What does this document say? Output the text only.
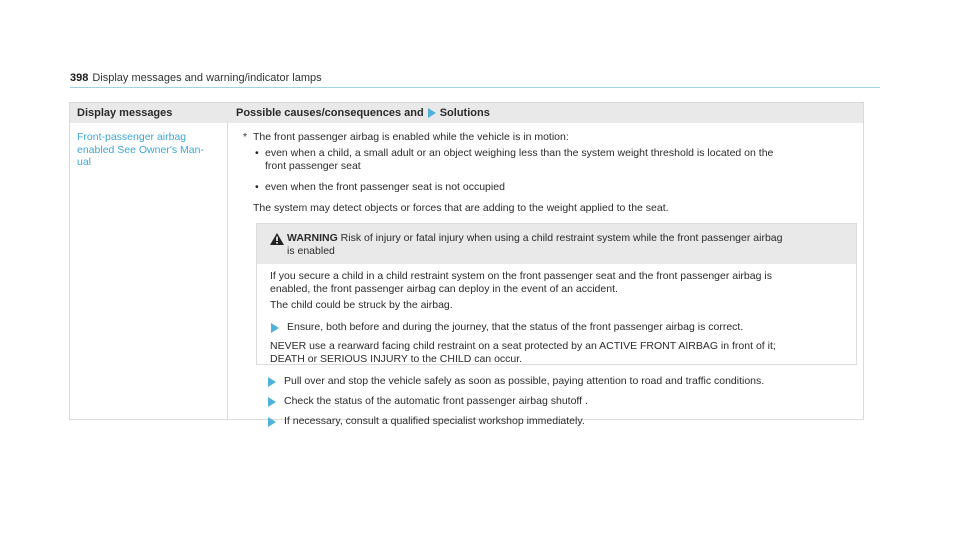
398 Display messages and warning/indicator lamps
Display messages	Possible causes/consequences and Solutions
Front-passenger airbag
enabled See Owner's Man-
ual
* The front passenger airbag is enabled while the vehicle is in motion:
• even when a child, a small adult or an object weighing less than the system weight threshold is located on the
front passenger seat
• even when the front passenger seat is not occupied
The system may detect objects or forces that are adding to the weight applied to the seat.
WARNING Risk of injury or fatal injury when using a child restraint system while the front passenger airbag
is enabled
If you secure a child in a child restraint system on the front passenger seat and the front passenger airbag is
enabled, the front passenger airbag can deploy in the event of an accident.
The child could be struck by the airbag.
Ensure, both before and during the journey, that the status of the front passenger airbag is correct.
NEVER use a rearward facing child restraint on a seat protected by an ACTIVE FRONT AIRBAG in front of it;
DEATH or SERIOUS INJURY to the CHILD can occur.
Pull over and stop the vehicle safely as soon as possible, paying attention to road and traffic conditions.
Check the status of the automatic front passenger airbag shutoff .
If necessary, consult a qualified specialist workshop immediately.
